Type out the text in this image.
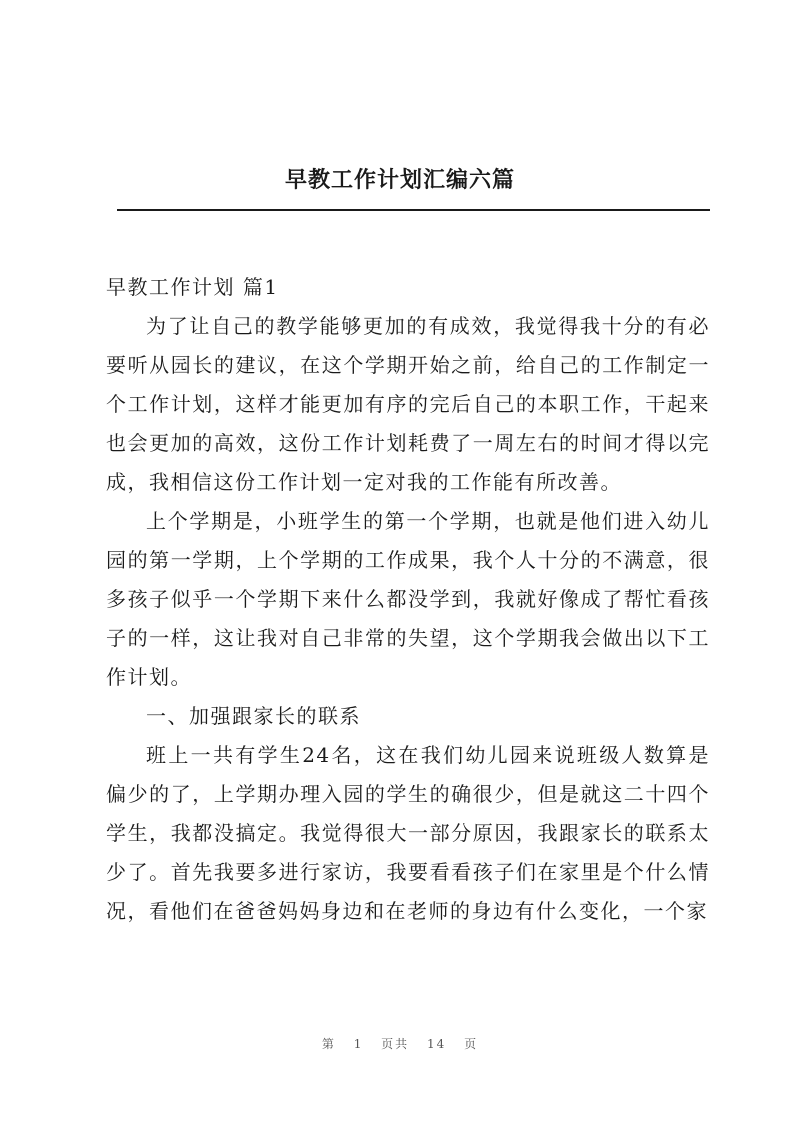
早教工作计划汇编六篇

早教工作计划 篇1

为了让自己的教学能够更加的有成效，我觉得我十分的有必要听从园长的建议，在这个学期开始之前，给自己的工作制定一个工作计划，这样才能更加有序的完后自己的本职工作，干起来也会更加的高效，这份工作计划耗费了一周左右的时间才得以完成，我相信这份工作计划一定对我的工作能有所改善。

上个学期是，小班学生的第一个学期，也就是他们进入幼儿园的第一学期，上个学期的工作成果，我个人十分的不满意，很多孩子似乎一个学期下来什么都没学到，我就好像成了帮忙看孩子的一样，这让我对自己非常的失望，这个学期我会做出以下工作计划。

一、加强跟家长的联系

班上一共有学生24名，这在我们幼儿园来说班级人数算是偏少的了，上学期办理入园的学生的确很少，但是就这二十四个学生，我都没搞定。我觉得很大一部分原因，我跟家长的联系太少了。首先我要多进行家访，我要看看孩子们在家里是个什么情况，看他们在爸爸妈妈身边和在老师的身边有什么变化，一个家

第 1 页共 14 页
